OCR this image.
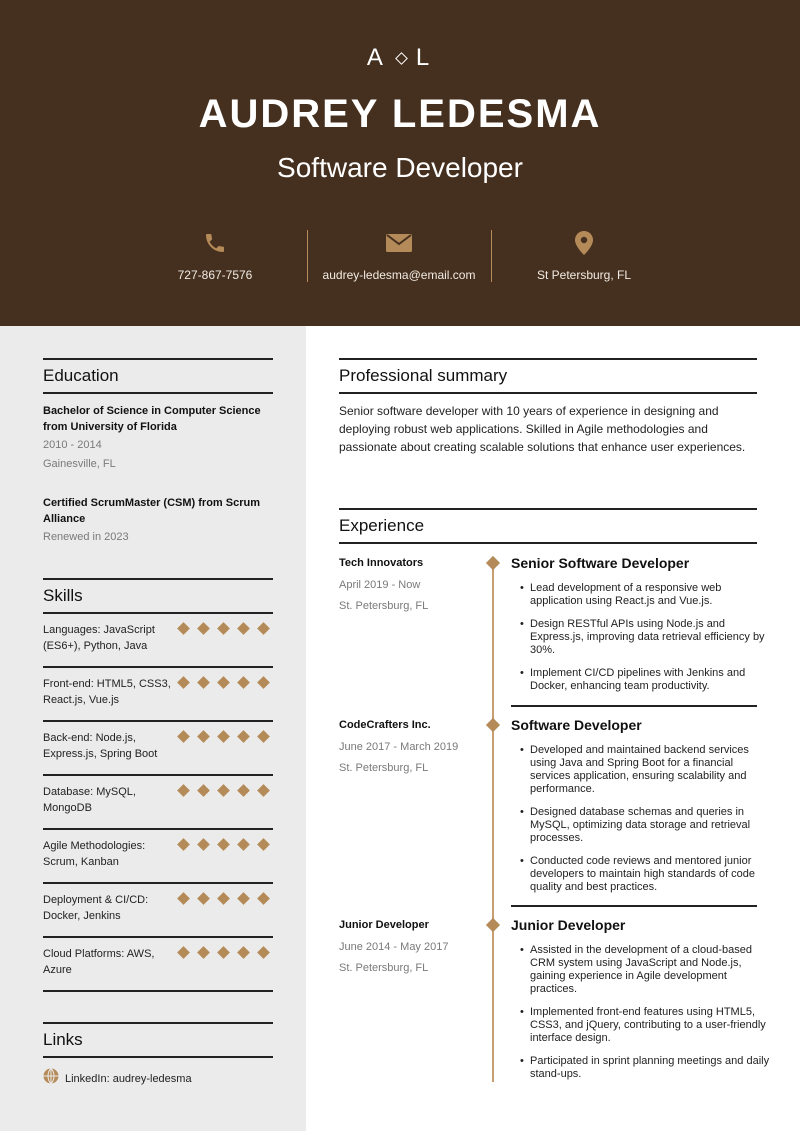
A L
AUDREY LEDESMA
Software Developer
727-867-7576	audrey-ledesma@email.com	St Petersburg, FL
Education
Bachelor of Science in Computer Science from University of Florida
2010 - 2014
Gainesville, FL
Certified ScrumMaster (CSM) from Scrum Alliance
Renewed in 2023
Skills
Languages: JavaScript (ES6+), Python, Java
Front-end: HTML5, CSS3, React.js, Vue.js
Back-end: Node.js, Express.js, Spring Boot
Database: MySQL, MongoDB
Agile Methodologies: Scrum, Kanban
Deployment & CI/CD: Docker, Jenkins
Cloud Platforms: AWS, Azure
Links
LinkedIn: audrey-ledesma
Professional summary
Senior software developer with 10 years of experience in designing and deploying robust web applications. Skilled in Agile methodologies and passionate about creating scalable solutions that enhance user experiences.
Experience
Tech Innovators
April 2019 - Now
St. Petersburg, FL
Senior Software Developer
• Lead development of a responsive web application using React.js and Vue.js.
• Design RESTful APIs using Node.js and Express.js, improving data retrieval efficiency by 30%.
• Implement CI/CD pipelines with Jenkins and Docker, enhancing team productivity.
CodeCrafters Inc.
June 2017 - March 2019
St. Petersburg, FL
Software Developer
• Developed and maintained backend services using Java and Spring Boot for a financial services application, ensuring scalability and performance.
• Designed database schemas and queries in MySQL, optimizing data storage and retrieval processes.
• Conducted code reviews and mentored junior developers to maintain high standards of code quality and best practices.
Junior Developer
June 2014 - May 2017
St. Petersburg, FL
Junior Developer
• Assisted in the development of a cloud-based CRM system using JavaScript and Node.js, gaining experience in Agile development practices.
• Implemented front-end features using HTML5, CSS3, and jQuery, contributing to a user-friendly interface design.
• Participated in sprint planning meetings and daily stand-ups.
